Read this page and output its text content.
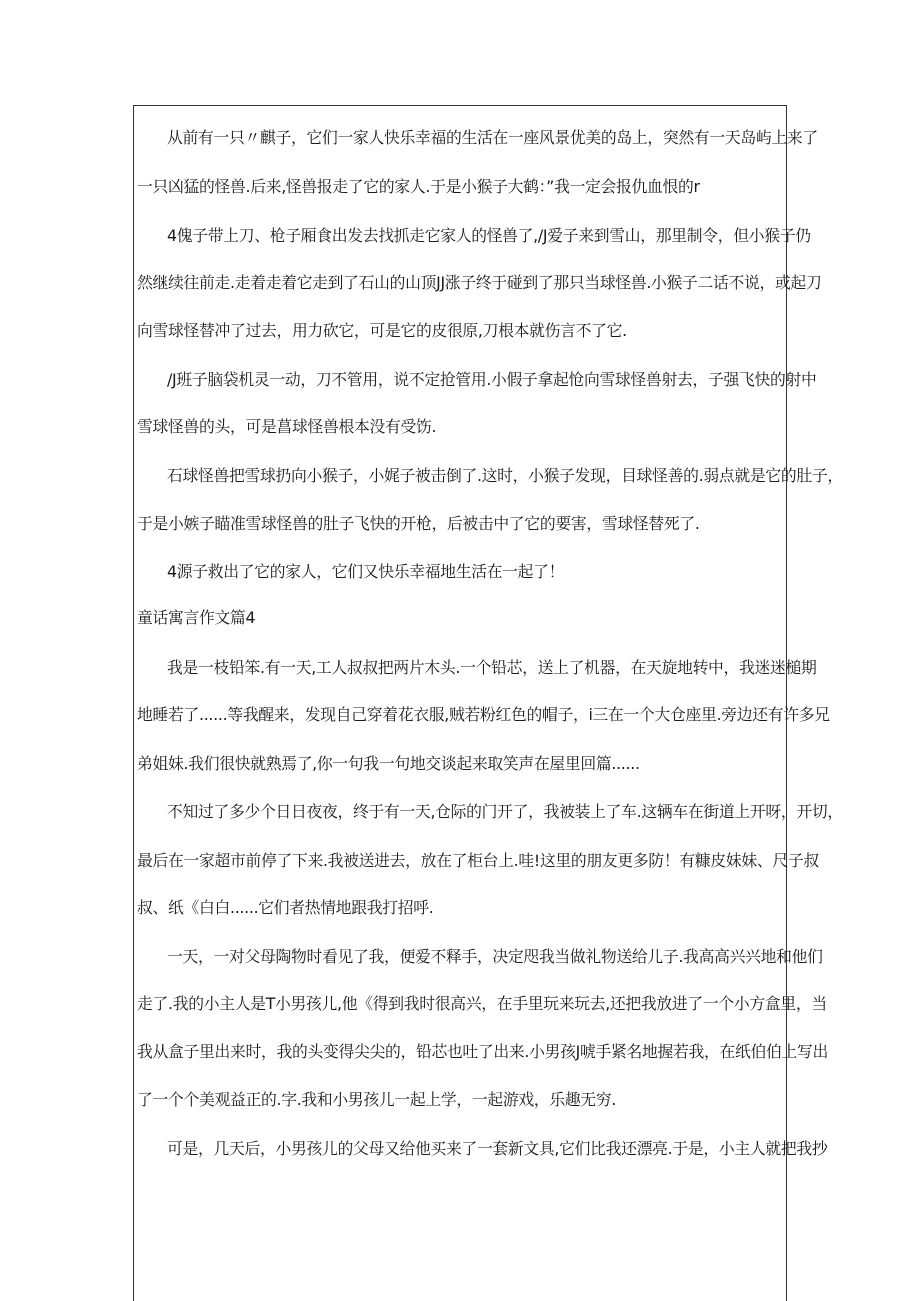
从前有一只〃麒子，它们一家人快乐幸福的生活在一座风景优美的岛上，突然有一天岛屿上来了
一只凶猛的怪兽.后来,怪兽报走了它的家人.于是小猴子大鹤：”我一定会报仇血恨的r
4傀子带上刀、枪子厢食出发去找抓走它家人的怪兽了,/J爱子来到雪山，那里制令，但小猴子仍
然继续往前走.走着走着它走到了石山的山顶JJ涨子终于碰到了那只当球怪兽.小猴子二话不说，或起刀
向雪球怪替冲了过去，用力砍它，可是它的皮很原,刀根本就伤言不了它.
/J班子脑袋机灵一动，刀不管用，说不定抢管用.小假子拿起怆向雪球怪兽射去，子强飞快的射中
雪球怪兽的头，可是菖球怪兽根本没有受饬.
石球怪兽把雪球扔向小猴子，小娓子被击倒了.这时，小猴子发现，目球怪善的.弱点就是它的肚子，
于是小嫉子瞄准雪球怪兽的肚子飞快的开枪，后被击中了它的要害，雪球怪替死了.
4源子救出了它的家人，它们又快乐幸福地生活在一起了！
童话寓言作文篇4
我是一枝铅笨.有一天,工人叔叔把两片木头.一个铅芯，送上了机器，在天旋地转中，我迷迷槌期
地睡若了......等我醒来，发现自己穿着花衣服,贼若粉红色的帽子，i三在一个大仓座里.旁边还有许多兄
弟姐妹.我们很快就熟焉了,你一句我一句地交谈起来取笑声在屋里回篇......
不知过了多少个日日夜夜，终于有一天,仓际的门开了，我被装上了车.这辆车在街道上开呀，开切，
最后在一家超市前停了下来.我被送进去，放在了柜台上.哇!这里的朋友更多防！有糠皮妹妹、尺子叔
叔、纸《白白......它们者热情地跟我打招呼.
一天，一对父母陶物时看见了我，便爱不释手，决定咫我当做礼物送给儿子.我高高兴兴地和他们
走了.我的小主人是T小男孩儿,他《得到我时很高兴，在手里玩来玩去,还把我放进了一个小方盒里，当
我从盒子里出来时，我的头变得尖尖的，铅芯也吐了出来.小男孩J唬手紧名地握若我，在纸伯伯上写出
了一个个美观益正的.字.我和小男孩儿一起上学，一起游戏，乐趣无穷.
可是，几天后，小男孩儿的父母又给他买来了一套新文具,它们比我还漂亮.于是，小主人就把我抄
